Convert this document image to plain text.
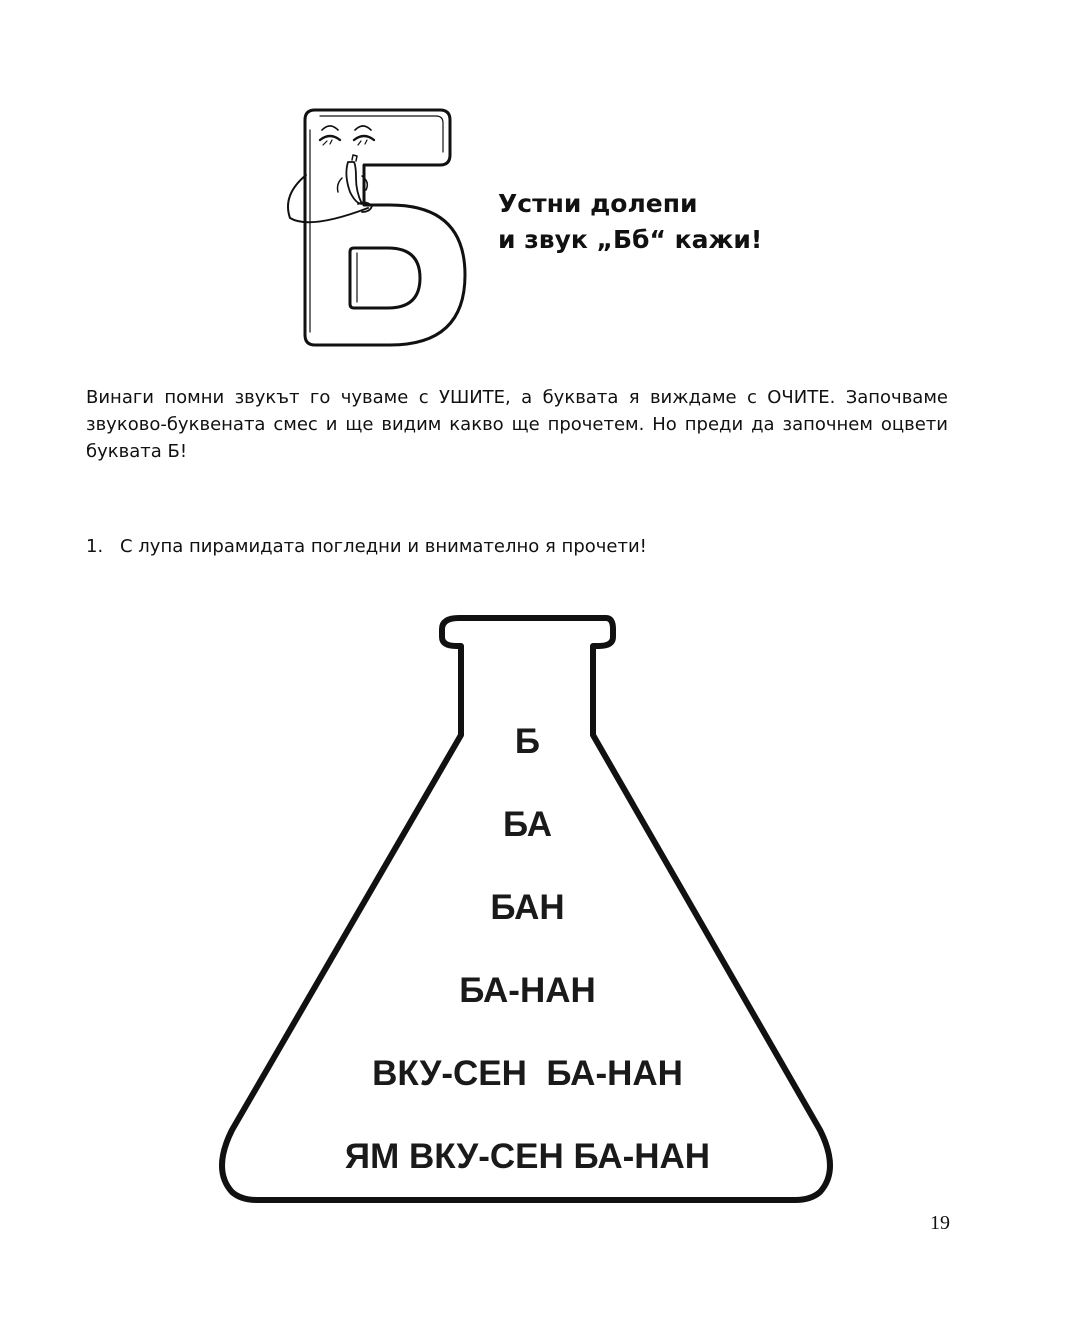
Устни долепи
и звук „Бб“ кажи!

Винаги помни звукът го чуваме с УШИТЕ, а буквата я виждаме с ОЧИТЕ. Започваме звуково-буквената смес и ще видим какво ще прочетем. Но преди да започнем оцвети буквата Б!

1. С лупа пирамидата погледни и внимателно я прочети!
Б
БА
БАН
БА-НАН
ВКУ-СЕН  БА-НАН
ЯМ ВКУ-СЕН БА-НАН
19
